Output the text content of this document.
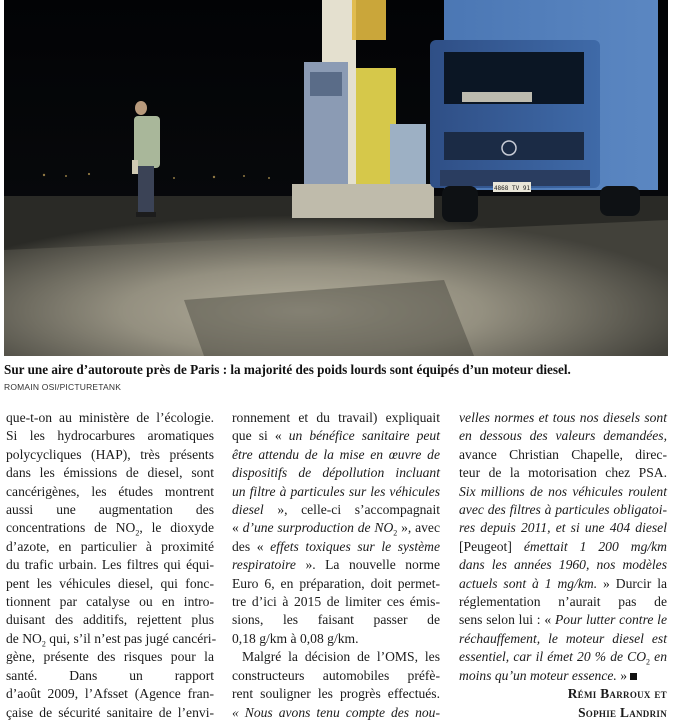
4868 TV 91
Sur une aire d’autoroute près de Paris : la majorité des poids lourds sont équipés d’un moteur diesel.
ROMAIN OSI/PICTURETANK
que-t-on au ministère de l’écologie.
Si les hydrocarbures aromatiques
polycycliques (HAP), très présents
dans les émissions de diesel, sont
cancérigènes, les études montrent
aussi une augmentation des
concentrations de $NO_2$, le dioxyde
d’azote, en particulier à proximité
du trafic urbain. Les filtres qui équi-
pent les véhicules diesel, qui fonc-
tionnent par catalyse ou en intro-
duisant des additifs, rejettent plus
de $NO_2$ qui, s’il n’est pas jugé cancéri-
gène, présente des risques pour la
santé. Dans un rapport
d’août 2009, l’Afsset (Agence fran-
çaise de sécurité sanitaire de l’envi-
ronnement et du travail) expliquait
que si « un bénéfice sanitaire peut
être attendu de la mise en œuvre de
dispositifs de dépollution incluant
un filtre à particules sur les véhicules
diesel », celle-ci s’accompagnait
« d’une surproduction de $NO_2$ », avec
des « effets toxiques sur le système
respiratoire ». La nouvelle norme
Euro 6, en préparation, doit permet-
tre d’ici à 2015 de limiter ces émis-
sions, les faisant passer de
0,18 g/km à 0,08 g/km.
Malgré la décision de l’OMS, les
constructeurs automobiles préfè-
rent souligner les progrès effectués.
« Nous avons tenu compte des nou-
velles normes et tous nos diesels sont
en dessous des valeurs demandées,
avance Christian Chapelle, direc-
teur de la motorisation chez PSA.
Six millions de nos véhicules roulent
avec des filtres à particules obligatoi-
res depuis 2011, et si une 404 diesel
[Peugeot] émettait 1 200 mg/km
dans les années 1960, nos modèles
actuels sont à 1 mg/km. » Durcir la
réglementation n’aurait pas de
sens selon lui : « Pour lutter contre le
réchauffement, le moteur diesel est
essentiel, car il émet 20 % de $CO_2$ en
moins qu’un moteur essence. »
Rémi Barroux et
Sophie Landrin
